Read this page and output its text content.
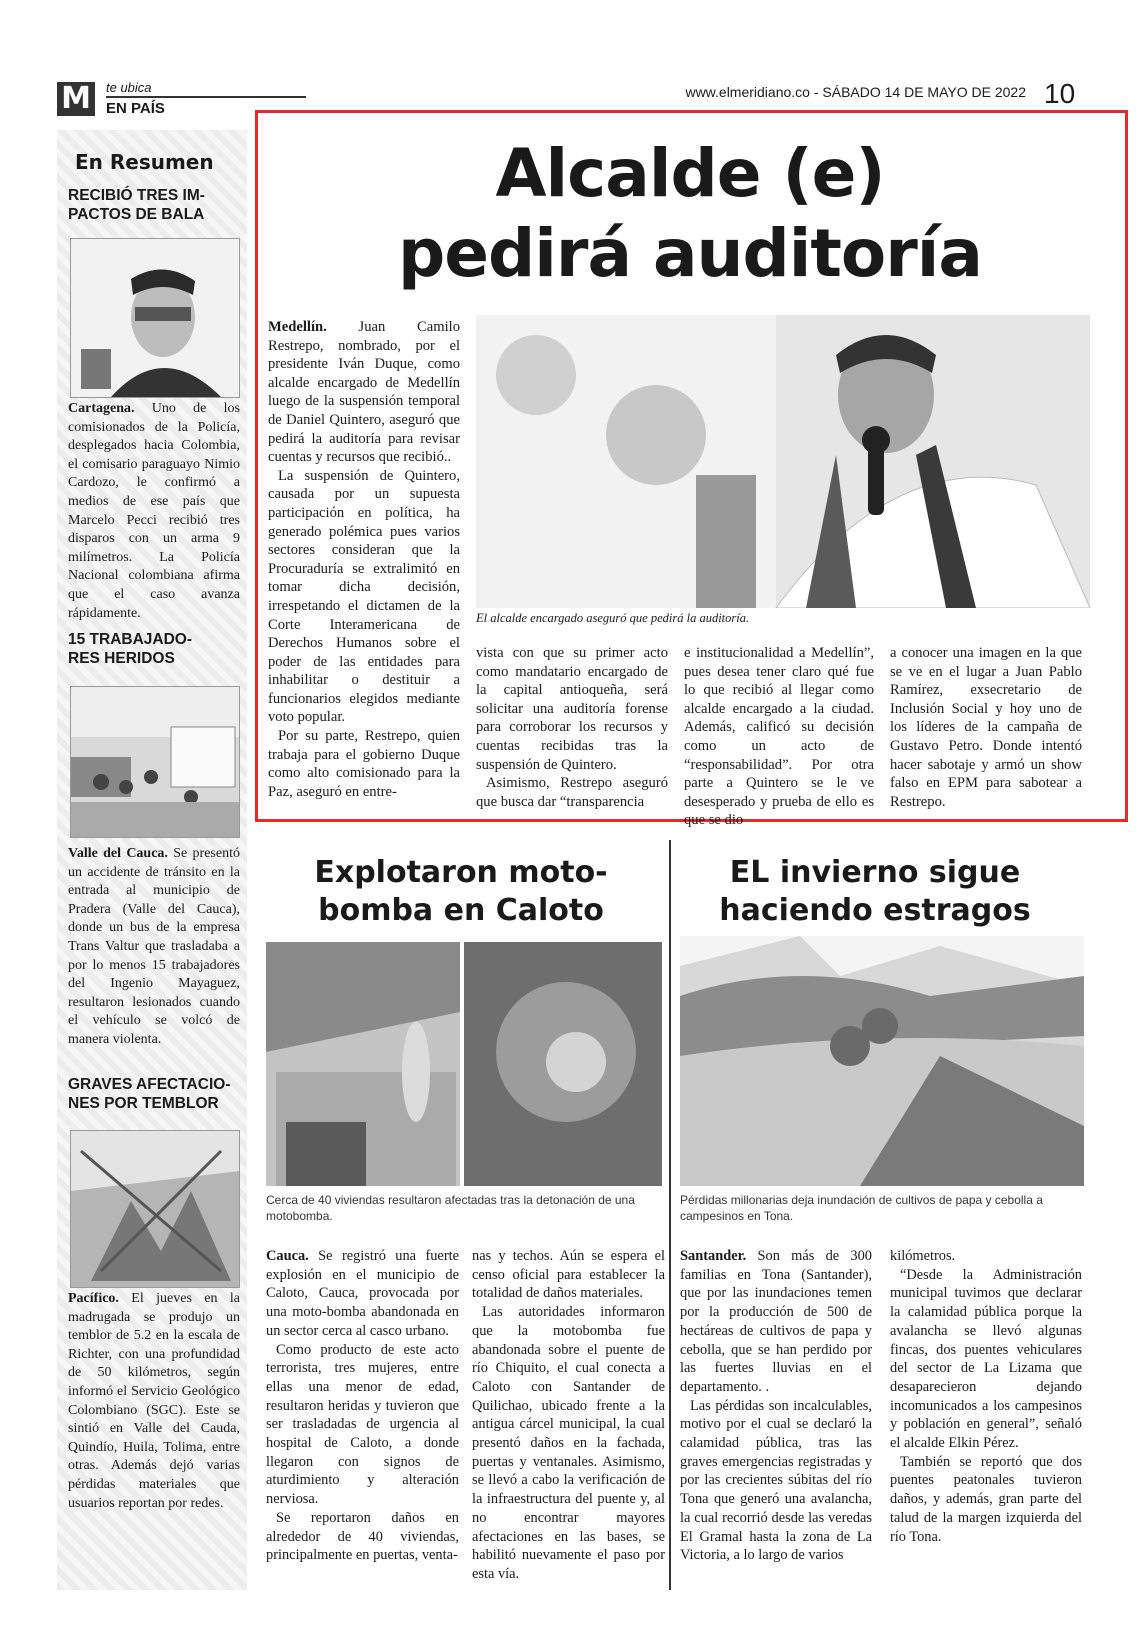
M	te ubica
EN PAÍS
www.elmeridiano.co - SÁBADO 14 DE MAYO DE 2022 10
En Resumen
RECIBIÓ TRES IM-
PACTOS DE BALA
Cartagena. Uno de los comisionados de la Policía, desplegados hacia Colombia, el comisario paraguayo Nimio Cardozo, le confirmó a medios de ese país que Marcelo Pecci recibió tres disparos con un arma 9 milímetros. La Policía Nacional colombiana afirma que el caso avanza rápidamente.
15 TRABAJADO-
RES HERIDOS
Valle del Cauca. Se presentó un accidente de tránsito en la entrada al municipio de Pradera (Valle del Cauca), donde un bus de la empresa Trans Valtur que trasladaba a por lo menos 15 trabajadores del Ingenio Mayaguez, resultaron lesionados cuando el vehículo se volcó de manera violenta.
GRAVES AFECTACIO-
NES POR TEMBLOR
Pacífico. El jueves en la madrugada se produjo un temblor de 5.2 en la escala de Richter, con una profundidad de 50 kilómetros, según informó el Servicio Geológico Colombiano (SGC). Este se sintió en Valle del Cauda, Quindío, Huila, Tolima, entre otras. Además dejó varias pérdidas materiales que usuarios reportan por redes.
Alcalde (e)
pedirá auditoría

Medellín. Juan Camilo Restrepo, nombrado, por el presidente Iván Duque, como alcalde encargado de Medellín luego de la suspensión temporal de Daniel Quintero, aseguró que pedirá la auditoría para revisar cuentas y recursos que recibió..

La suspensión de Quintero, causada por un supuesta participación en política, ha generado polémica pues varios sectores consideran que la Procuraduría se extralimitó en tomar dicha decisión, irrespetando el dictamen de la Corte Interamericana de Derechos Humanos sobre el poder de las entidades para inhabilitar o destituir a funcionarios elegidos mediante voto popular.

Por su parte, Restrepo, quien trabaja para el gobierno Duque como alto comisionado para la Paz, aseguró en entre-

El alcalde encargado aseguró que pedirá la auditoría.

vista con que su primer acto como mandatario encargado de la capital antioqueña, será solicitar una auditoría forense para corroborar los recursos y cuentas recibidas tras la suspensión de Quintero.

Asimismo, Restrepo aseguró que busca dar “transparencia

e institucionalidad a Medellín”, pues desea tener claro qué fue lo que recibió al llegar como alcalde encargado a la ciudad. Además, calificó su decisión como un acto de “responsabilidad”. Por otra parte a Quintero se le ve desesperado y prueba de ello es que se dio

a conocer una imagen en la que se ve en el lugar a Juan Pablo Ramírez, exsecretario de Inclusión Social y hoy uno de los líderes de la campaña de Gustavo Petro. Donde intentó hacer sabotaje y armó un show falso en EPM para sabotear a Restrepo.

Explotaron moto-
bomba en Caloto
Cerca de 40 viviendas resultaron afectadas tras la detonación de una motobomba.

Cauca. Se registró una fuerte explosión en el municipio de Caloto, Cauca, provocada por una moto-bomba abandonada en un sector cerca al casco urbano.

Como producto de este acto terrorista, tres mujeres, entre ellas una menor de edad, resultaron heridas y tuvieron que ser trasladadas de urgencia al hospital de Caloto, a donde llegaron con signos de aturdimiento y alteración nerviosa.

Se reportaron daños en alrededor de 40 viviendas, principalmente en puertas, venta-

nas y techos. Aún se espera el censo oficial para establecer la totalidad de daños materiales.

Las autoridades informaron que la motobomba fue abandonada sobre el puente de río Chiquito, el cual conecta a Caloto con Santander de Quilichao, ubicado frente a la antigua cárcel municipal, la cual presentó daños en la fachada, puertas y ventanales. Asimismo, se llevó a cabo la verificación de la infraestructura del puente y, al no encontrar mayores afectaciones en las bases, se habilitó nuevamente el paso por esta vía.

EL invierno sigue
haciendo estragos
Pérdidas millonarias deja inundación de cultivos de papa y cebolla a campesinos en Tona.

Santander. Son más de 300 familias en Tona (Santander), que por las inundaciones temen por la producción de 500 de hectáreas de cultivos de papa y cebolla, que se han perdido por las fuertes lluvias en el departamento. .

Las pérdidas son incalculables, motivo por el cual se declaró la calamidad pública, tras las graves emergencias registradas y por las crecientes súbitas del río Tona que generó una avalancha, la cual recorrió desde las veredas El Gramal hasta la zona de La Victoria, a lo largo de varios

kilómetros.

“Desde la Administración municipal tuvimos que declarar la calamidad pública porque la avalancha se llevó algunas fincas, dos puentes vehiculares del sector de La Lizama que desaparecieron dejando incomunicados a los campesinos y población en general”, señaló el alcalde Elkin Pérez.

También se reportó que dos puentes peatonales tuvieron daños, y además, gran parte del talud de la margen izquierda del río Tona.
